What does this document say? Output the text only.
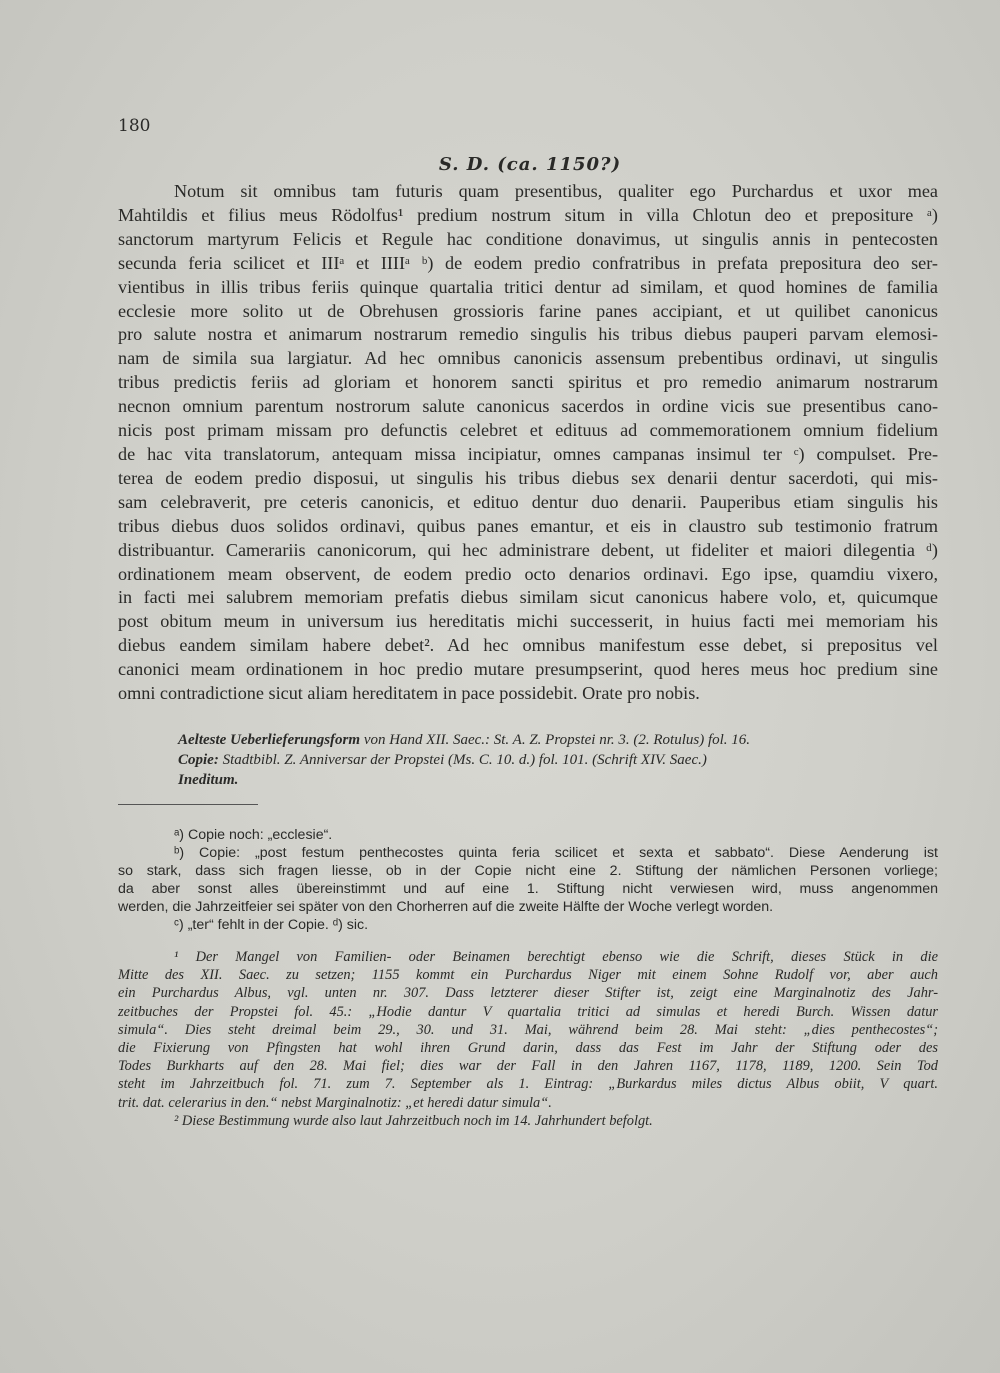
180
S. D. (ca. 1150?)
Notum sit omnibus tam futuris quam presentibus, qualiter ego Purchardus et uxor mea
Mahtildis et filius meus Rödolfus¹ predium nostrum situm in villa Chlotun deo et prepositure ᵃ)
sanctorum martyrum Felicis et Regule hac conditione donavimus, ut singulis annis in pentecosten
secunda feria scilicet et IIIᵃ et IIIIᵃ ᵇ) de eodem predio confratribus in prefata prepositura deo ser-
vientibus in illis tribus feriis quinque quartalia tritici dentur ad similam, et quod homines de familia
ecclesie more solito ut de Obrehusen grossioris farine panes accipiant, et ut quilibet canonicus
pro salute nostra et animarum nostrarum remedio singulis his tribus diebus pauperi parvam elemosi-
nam de simila sua largiatur. Ad hec omnibus canonicis assensum prebentibus ordinavi, ut singulis
tribus predictis feriis ad gloriam et honorem sancti spiritus et pro remedio animarum nostrarum
necnon omnium parentum nostrorum salute canonicus sacerdos in ordine vicis sue presentibus cano-
nicis post primam missam pro defunctis celebret et edituus ad commemorationem omnium fidelium
de hac vita translatorum, antequam missa incipiatur, omnes campanas insimul ter ᶜ) compulset. Pre-
terea de eodem predio disposui, ut singulis his tribus diebus sex denarii dentur sacerdoti, qui mis-
sam celebraverit, pre ceteris canonicis, et edituo dentur duo denarii. Pauperibus etiam singulis his
tribus diebus duos solidos ordinavi, quibus panes emantur, et eis in claustro sub testimonio fratrum
distribuantur. Camerariis canonicorum, qui hec administrare debent, ut fideliter et maiori dilegentia ᵈ)
ordinationem meam observent, de eodem predio octo denarios ordinavi. Ego ipse, quamdiu vixero,
in facti mei salubrem memoriam prefatis diebus similam sicut canonicus habere volo, et, quicumque
post obitum meum in universum ius hereditatis michi successerit, in huius facti mei memoriam his
diebus eandem similam habere debet². Ad hec omnibus manifestum esse debet, si prepositus vel
canonici meam ordinationem in hoc predio mutare presumpserint, quod heres meus hoc predium sine
omni contradictione sicut aliam hereditatem in pace possidebit. Orate pro nobis.
Aelteste Ueberlieferungsform von Hand XII. Saec.: St. A. Z. Propstei nr. 3. (2. Rotulus) fol. 16.
Copie: Stadtbibl. Z. Anniversar der Propstei (Ms. C. 10. d.) fol. 101. (Schrift XIV. Saec.)
Ineditum.
ᵃ) Copie noch: „ecclesie“.
ᵇ) Copie: „post festum penthecostes quinta feria scilicet et sexta et sabbato“. Diese Aenderung ist
so stark, dass sich fragen liesse, ob in der Copie nicht eine 2. Stiftung der nämlichen Personen vorliege;
da aber sonst alles übereinstimmt und auf eine 1. Stiftung nicht verwiesen wird, muss angenommen
werden, die Jahrzeitfeier sei später von den Chorherren auf die zweite Hälfte der Woche verlegt worden.
ᶜ) „ter“ fehlt in der Copie. ᵈ) sic.
¹ Der Mangel von Familien- oder Beinamen berechtigt ebenso wie die Schrift, dieses Stück in die
Mitte des XII. Saec. zu setzen; 1155 kommt ein Purchardus Niger mit einem Sohne Rudolf vor, aber auch
ein Purchardus Albus, vgl. unten nr. 307. Dass letzterer dieser Stifter ist, zeigt eine Marginalnotiz des Jahr-
zeitbuches der Propstei fol. 45.: „Hodie dantur V quartalia tritici ad simulas et heredi Burch. Wissen datur
simula“. Dies steht dreimal beim 29., 30. und 31. Mai, während beim 28. Mai steht: „dies penthecostes“;
die Fixierung von Pfingsten hat wohl ihren Grund darin, dass das Fest im Jahr der Stiftung oder des
Todes Burkharts auf den 28. Mai fiel; dies war der Fall in den Jahren 1167, 1178, 1189, 1200. Sein Tod
steht im Jahrzeitbuch fol. 71. zum 7. September als 1. Eintrag: „Burkardus miles dictus Albus obiit, V quart.
trit. dat. celerarius in den.“ nebst Marginalnotiz: „et heredi datur simula“.
² Diese Bestimmung wurde also laut Jahrzeitbuch noch im 14. Jahrhundert befolgt.
